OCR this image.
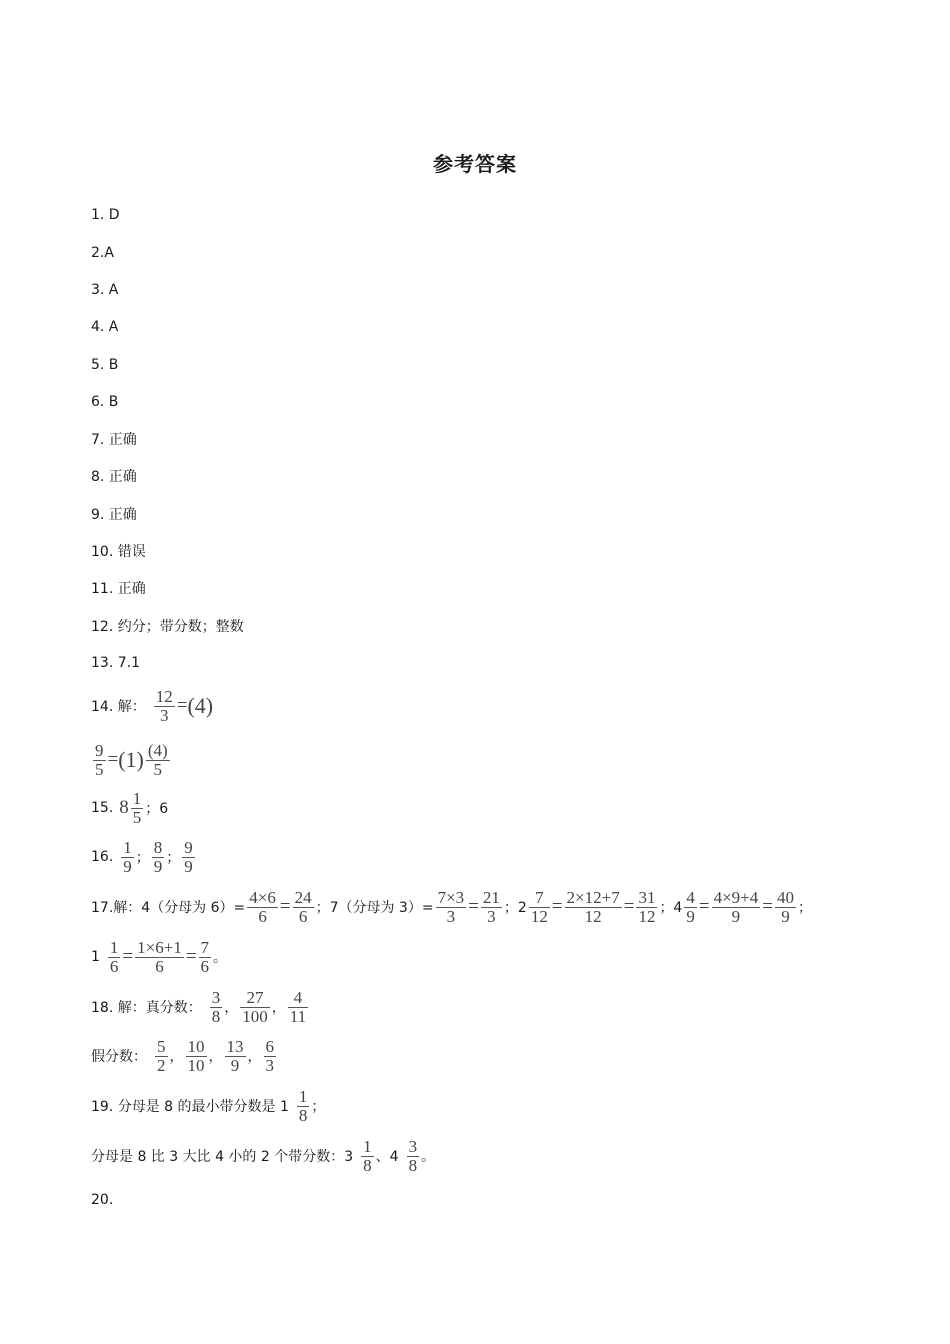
参考答案
1. D
2.A
3. A
4. A
5. B
6. B
7. 正确
8. 正确
9. 正确
10. 错误
11. 正确
12. 约分；带分数；整数
13. 7.1
14. 解： $\frac{12}{3} = (4)$
$\frac{9}{5} = (1) \frac{(4)}{5}$
15. $8 \frac{1}{5}$ ；6
16. $\frac{1}{9}$ ； $\frac{8}{9}$ ； $\frac{9}{9}$
17.解：4（分母为 $6)= \frac{4\times 6}{6} = \frac{24}{6}$ ；7（分母为 $3)= \frac{7\times 3}{3} = \frac{21}{3}$ ；$2 \frac{7}{12} = \frac{2\times 12+7}{12} = \frac{31}{12}$ ；$4 \frac{4}{9} = \frac{4\times 9+4}{9} = \frac{40}{9}$ ；
$1 \frac{1}{6} = \frac{1\times 6+1}{6} = \frac{7}{6}$ 。
18. 解：真分数： $\frac{3}{8}$ ， $\frac{27}{100}$ ， $\frac{4}{11}$
假分数： $\frac{5}{2}$ ， $\frac{10}{10}$ ， $\frac{13}{9}$ ， $\frac{6}{3}$
19. 分母是 8 的最小带分数是 $1 \frac{1}{8}$ ；
分母是 8 比 3 大比 4 小的 2 个带分数：$3 \frac{1}{8}$ 、$4 \frac{3}{8}$ 。
20.
